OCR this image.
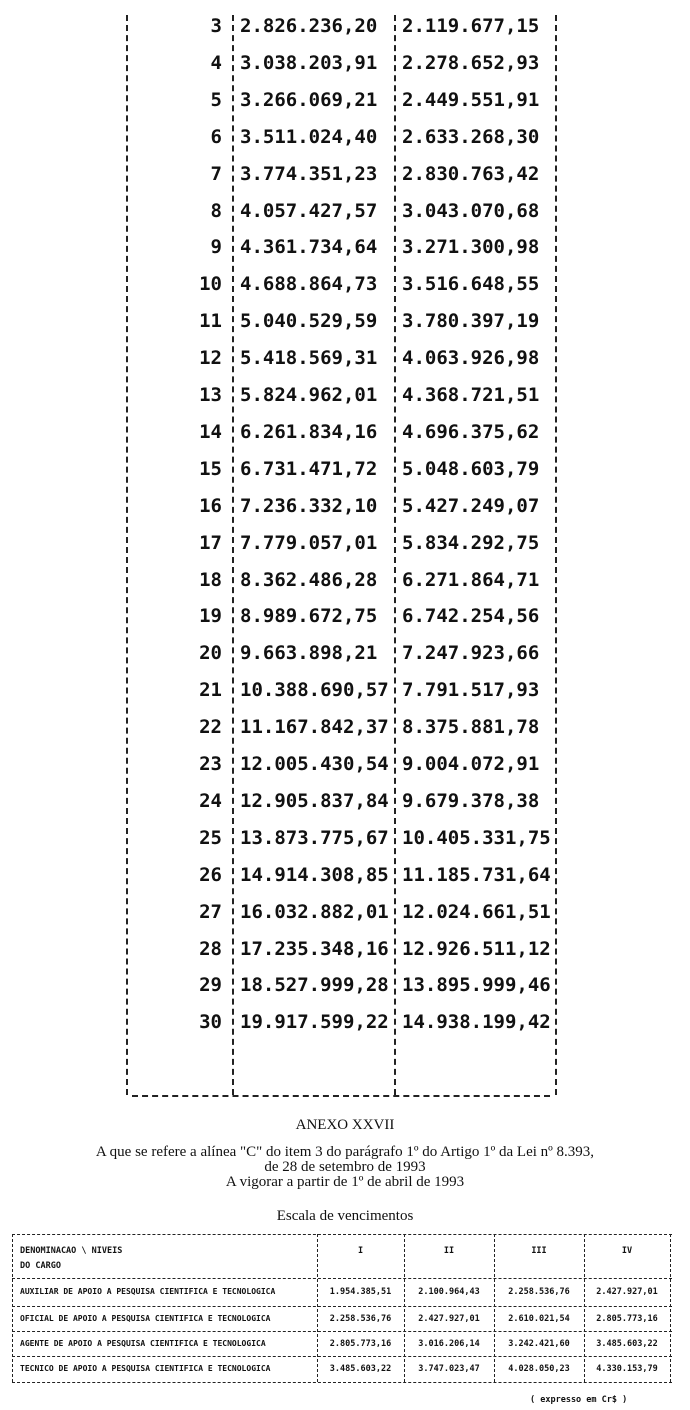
3 2.826.236,20 2.119.677,15
4 3.038.203,91 2.278.652,93
5 3.266.069,21 2.449.551,91
6 3.511.024,40 2.633.268,30
7 3.774.351,23 2.830.763,42
8 4.057.427,57 3.043.070,68
9 4.361.734,64 3.271.300,98
10 4.688.864,73 3.516.648,55
11 5.040.529,59 3.780.397,19
12 5.418.569,31 4.063.926,98
13 5.824.962,01 4.368.721,51
14 6.261.834,16 4.696.375,62
15 6.731.471,72 5.048.603,79
16 7.236.332,10 5.427.249,07
17 7.779.057,01 5.834.292,75
18 8.362.486,28 6.271.864,71
19 8.989.672,75 6.742.254,56
20 9.663.898,21 7.247.923,66
21 10.388.690,57 7.791.517,93
22 11.167.842,37 8.375.881,78
23 12.005.430,54 9.004.072,91
24 12.905.837,84 9.679.378,38
25 13.873.775,67 10.405.331,75
26 14.914.308,85 11.185.731,64
27 16.032.882,01 12.024.661,51
28 17.235.348,16 12.926.511,12
29 18.527.999,28 13.895.999,46
30 19.917.599,22 14.938.199,42
ANEXO XXVII
A que se refere a alínea "C" do item 3 do parágrafo 1º do Artigo 1º da Lei nº 8.393,
de 28 de setembro de 1993
A vigorar a partir de 1º de abril de 1993
Escala de vencimentos
DENOMINACAO \ NIVEIS
DO CARGO
I	II	III	IV
AUXILIAR DE APOIO A PESQUISA CIENTIFICA E TECNOLOGICA	1.954.385,51	2.100.964,43	2.258.536,76	2.427.927,01
OFICIAL DE APOIO A PESQUISA CIENTIFICA E TECNOLOGICA	2.258.536,76	2.427.927,01	2.610.021,54	2.805.773,16
AGENTE DE APOIO A PESQUISA CIENTIFICA E TECNOLOGICA	2.805.773,16	3.016.206,14	3.242.421,60	3.485.603,22
TECNICO DE APOIO A PESQUISA CIENTIFICA E TECNOLOGICA	3.485.603,22	3.747.023,47	4.028.050,23	4.330.153,79
( expresso em Cr$ )
